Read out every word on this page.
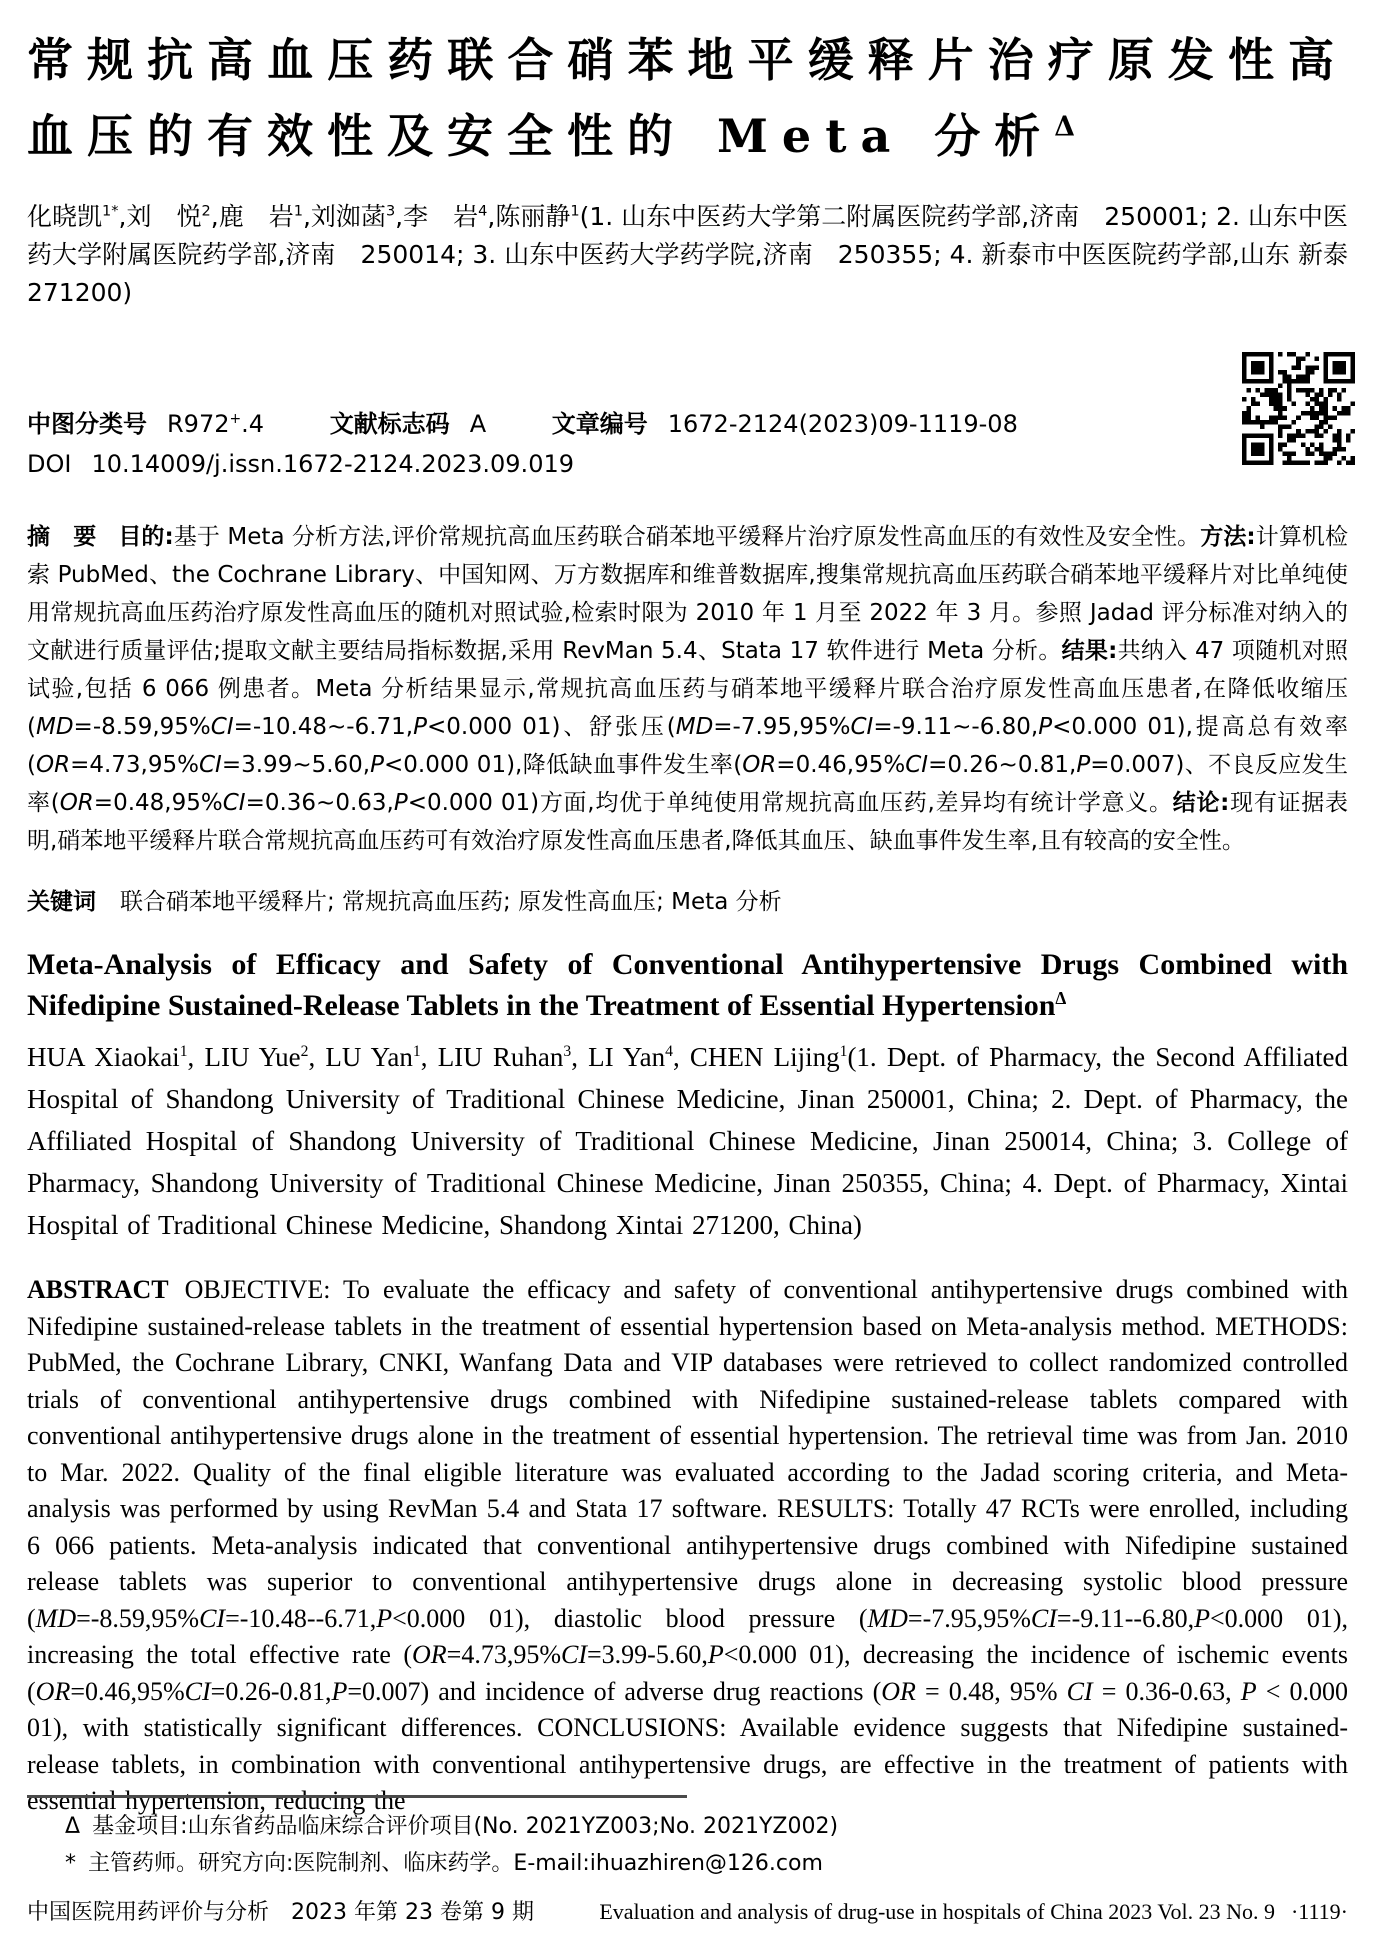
常规抗高血压药联合硝苯地平缓释片治疗原发性高血压的有效性及安全性的 Meta 分析$^\Delta$

化晓凯$^{1*}$,刘　悦$^2$,鹿　岩$^1$,刘洳菡$^3$,李　岩$^4$,陈丽静$^1$(1. 山东中医药大学第二附属医院药学部,济南　250001; 2. 山东中医药大学附属医院药学部,济南　250014; 3. 山东中医药大学药学院,济南　250355; 4. 新泰市中医医院药学部,山东 新泰　271200)

中图分类号 R972+.4	文献标志码 A	文章编号 1672-2124(2023)09-1119-08
DOI 10.14009/j.issn.1672-2124.2023.09.019

摘　要 目的:基于 Meta 分析方法,评价常规抗高血压药联合硝苯地平缓释片治疗原发性高血压的有效性及安全性。方法:计算机检索 PubMed、the Cochrane Library、中国知网、万方数据库和维普数据库,搜集常规抗高血压药联合硝苯地平缓释片对比单纯使用常规抗高血压药治疗原发性高血压的随机对照试验,检索时限为 2010 年 1 月至 2022 年 3 月。参照 Jadad 评分标准对纳入的文献进行质量评估;提取文献主要结局指标数据,采用 RevMan 5.4、Stata 17 软件进行 Meta 分析。结果:共纳入 47 项随机对照试验,包括 6 066 例患者。Meta 分析结果显示,常规抗高血压药与硝苯地平缓释片联合治疗原发性高血压患者,在降低收缩压(MD=-8.59,95%CI=-10.48~-6.71,P<0.000 01)、舒张压(MD=-7.95,95%CI=-9.11~-6.80,P<0.000 01),提高总有效率(OR=4.73,95%CI=3.99~5.60,P<0.000 01),降低缺血事件发生率(OR=0.46,95%CI=0.26~0.81,P=0.007)、不良反应发生率(OR=0.48,95%CI=0.36~0.63,P<0.000 01)方面,均优于单纯使用常规抗高血压药,差异均有统计学意义。结论:现有证据表明,硝苯地平缓释片联合常规抗高血压药可有效治疗原发性高血压患者,降低其血压、缺血事件发生率,且有较高的安全性。

关键词 联合硝苯地平缓释片; 常规抗高血压药; 原发性高血压; Meta 分析

Meta-Analysis of Efficacy and Safety of Conventional Antihypertensive Drugs Combined with Nifedipine Sustained-Release Tablets in the Treatment of Essential Hypertension$^\Delta$

HUA Xiaokai$^1$, LIU Yue$^2$, LU Yan$^1$, LIU Ruhan$^3$, LI Yan$^4$, CHEN Lijing$^1$(1. Dept. of Pharmacy, the Second Affiliated Hospital of Shandong University of Traditional Chinese Medicine, Jinan 250001, China; 2. Dept. of Pharmacy, the Affiliated Hospital of Shandong University of Traditional Chinese Medicine, Jinan 250014, China; 3. College of Pharmacy, Shandong University of Traditional Chinese Medicine, Jinan 250355, China; 4. Dept. of Pharmacy, Xintai Hospital of Traditional Chinese Medicine, Shandong Xintai 271200, China)

ABSTRACT OBJECTIVE: To evaluate the efficacy and safety of conventional antihypertensive drugs combined with Nifedipine sustained-release tablets in the treatment of essential hypertension based on Meta-analysis method. METHODS: PubMed, the Cochrane Library, CNKI, Wanfang Data and VIP databases were retrieved to collect randomized controlled trials of conventional antihypertensive drugs combined with Nifedipine sustained-release tablets compared with conventional antihypertensive drugs alone in the treatment of essential hypertension. The retrieval time was from Jan. 2010 to Mar. 2022. Quality of the final eligible literature was evaluated according to the Jadad scoring criteria, and Meta-analysis was performed by using RevMan 5.4 and Stata 17 software. RESULTS: Totally 47 RCTs were enrolled, including 6 066 patients. Meta-analysis indicated that conventional antihypertensive drugs combined with Nifedipine sustained release tablets was superior to conventional antihypertensive drugs alone in decreasing systolic blood pressure (MD=-8.59,95%CI=-10.48--6.71,P<0.000 01), diastolic blood pressure (MD=-7.95,95%CI=-9.11--6.80,P<0.000 01), increasing the total effective rate (OR=4.73,95%CI=3.99-5.60,P<0.000 01), decreasing the incidence of ischemic events (OR=0.46,95%CI=0.26-0.81,P=0.007) and incidence of adverse drug reactions (OR = 0.48, 95% CI = 0.36-0.63, P < 0.000 01), with statistically significant differences. CONCLUSIONS: Available evidence suggests that Nifedipine sustained-release tablets, in combination with conventional antihypertensive drugs, are effective in the treatment of patients with essential hypertension, reducing the

Δ 基金项目:山东省药品临床综合评价项目(No. 2021YZ003;No. 2021YZ002)
* 主管药师。研究方向:医院制剂、临床药学。E-mail:ihuazhiren@126.com
中国医院用药评价与分析　2023 年第 23 卷第 9 期	Evaluation and analysis of drug-use in hospitals of China 2023 Vol. 23 No. 9 ·1119·
